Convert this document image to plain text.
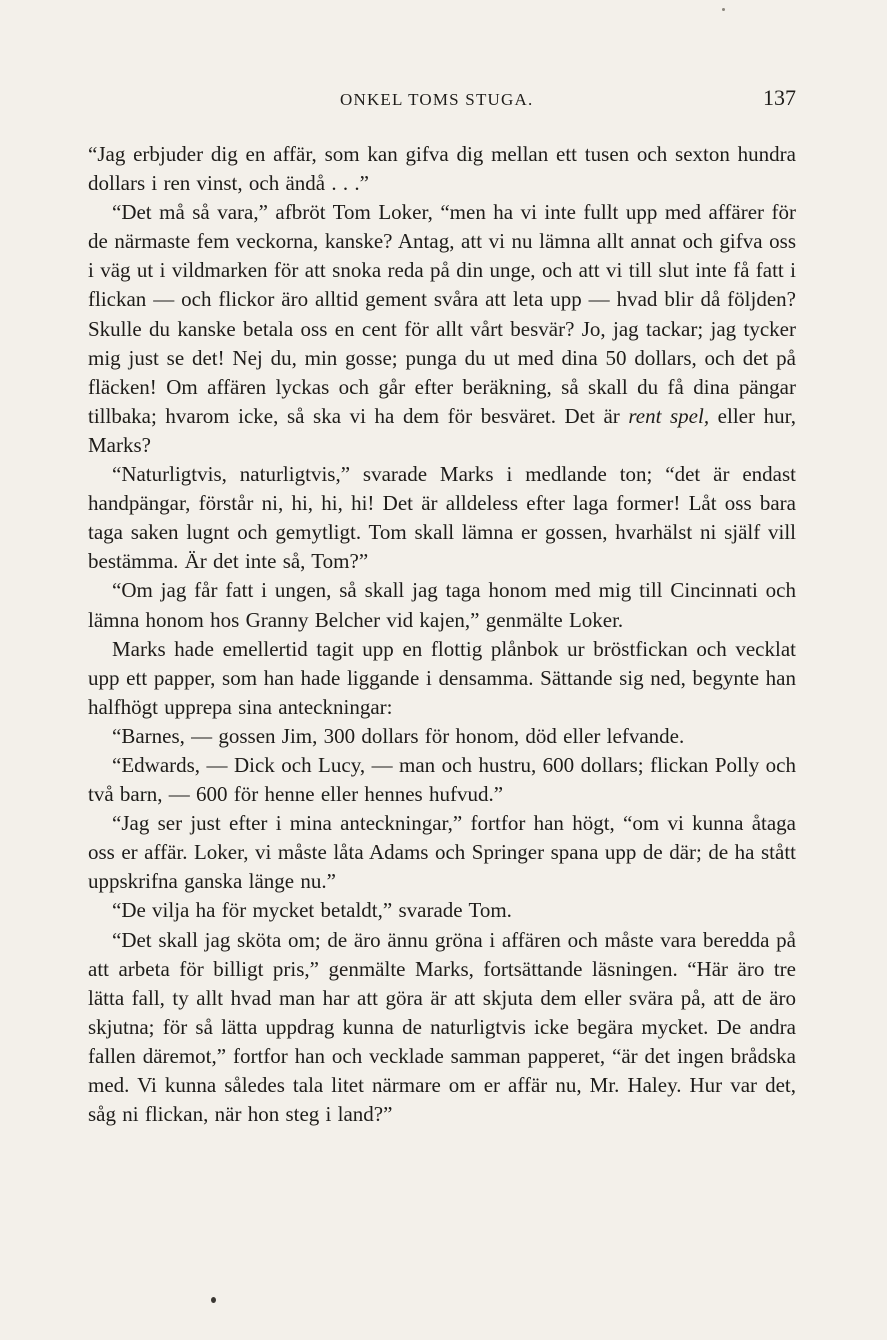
ONKEL TOMS STUGA.	137

“Jag erbjuder dig en affär, som kan gifva dig mellan ett tusen och sexton hundra dollars i ren vinst, och ändå . . .”

“Det må så vara,” afbröt Tom Loker, “men ha vi inte fullt upp med affärer för de närmaste fem veckorna, kanske? Antag, att vi nu lämna allt annat och gifva oss i väg ut i vildmarken för att snoka reda på din unge, och att vi till slut inte få fatt i flickan — och flickor äro alltid gement svåra att leta upp — hvad blir då följden? Skulle du kanske betala oss en cent för allt vårt besvär? Jo, jag tackar; jag tycker mig just se det! Nej du, min gosse; punga du ut med dina 50 dollars, och det på fläcken! Om affären lyckas och går efter beräkning, så skall du få dina pängar tillbaka; hvarom icke, så ska vi ha dem för besväret. Det är rent spel, eller hur, Marks?

“Naturligtvis, naturligtvis,” svarade Marks i medlande ton; “det är endast handpängar, förstår ni, hi, hi, hi! Det är alldeless efter laga former! Låt oss bara taga saken lugnt och gemytligt. Tom skall lämna er gossen, hvarhälst ni själf vill bestämma. Är det inte så, Tom?”

“Om jag får fatt i ungen, så skall jag taga honom med mig till Cincinnati och lämna honom hos Granny Belcher vid kajen,” genmälte Loker.

Marks hade emellertid tagit upp en flottig plånbok ur bröstfickan och vecklat upp ett papper, som han hade liggande i densamma. Sättande sig ned, begynte han halfhögt upprepa sina anteckningar:

“Barnes, — gossen Jim, 300 dollars för honom, död eller lefvande.

“Edwards, — Dick och Lucy, — man och hustru, 600 dollars; flickan Polly och två barn, — 600 för henne eller hennes hufvud.”

“Jag ser just efter i mina anteckningar,” fortfor han högt, “om vi kunna åtaga oss er affär. Loker, vi måste låta Adams och Springer spana upp de där; de ha stått uppskrifna ganska länge nu.”

“De vilja ha för mycket betaldt,” svarade Tom.

“Det skall jag sköta om; de äro ännu gröna i affären och måste vara beredda på att arbeta för billigt pris,” genmälte Marks, fortsättande läsningen. “Här äro tre lätta fall, ty allt hvad man har att göra är att skjuta dem eller svära på, att de äro skjutna; för så lätta uppdrag kunna de naturligtvis icke begära mycket. De andra fallen däremot,” fortfor han och vecklade samman papperet, “är det ingen brådska med. Vi kunna således tala litet närmare om er affär nu, Mr. Haley. Hur var det, såg ni flickan, när hon steg i land?”
